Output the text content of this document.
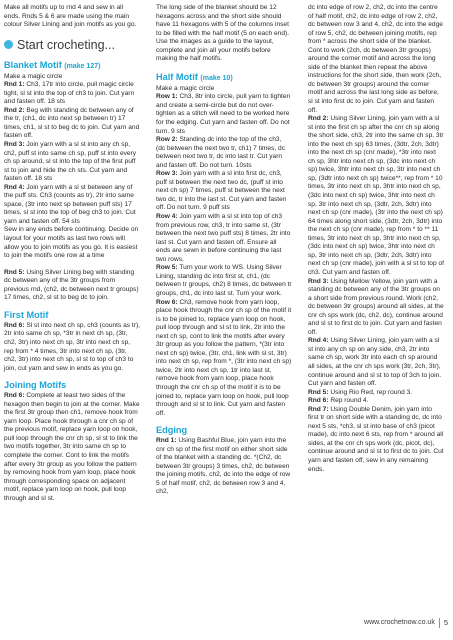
Make all motifs up to rnd 4 and sew in all ends. Rnds 5 & 6 are made using the main colour Silver Lining and join motifs as you go.

Start crocheting...
Blanket Motif (make 127)

Make a magic circle

Rnd 1: Ch3, 17tr into circle, pull magic circle tight, sl st into the top of ch3 to join. Cut yarn and fasten off. 18 sts

Rnd 2: Beg with standing dc between any of the tr, (ch1, dc into next sp between tr) 17 times, ch1, sl st to beg dc to join. Cut yarn and fasten off.

Rnd 3: Join yarn with a sl st into any ch sp, ch2, puff st into same ch sp, puff st into every ch sp around, sl st into the top of the first puff st to join and hide the ch sts. Cut yarn and fasten off. 18 sts

Rnd 4: Join yarn with a sl st between any of the puff sts. Ch3 (counts as tr), 2tr into same space, (3tr into next sp between puff sts) 17 times, sl st into the top of beg ch3 to join. Cut yarn and fasten off. 54 sts

Sew in any ends before continuing. Decide on layout for your motifs as last two rows will allow you to join motifs as you go. It is easiest to join the motifs one row at a time

Rnd 5: Using Silver Lining beg with standing dc between any of the 3tr groups from previous rnd, (ch2, dc between next tr groups) 17 times, ch2, sl st to beg dc to join.

First Motif

Rnd 6: Sl st into next ch sp, ch3 (counts as tr), 2tr into same ch sp, *3tr in next ch sp, (3tr, ch2, 3tr) into next ch sp, 3tr into next ch sp, rep from * 4 times, 3tr into next ch sp, (3tr, ch2, 3tr) into next ch sp, sl st to top of ch3 to join, cut yarn and sew in ends as you go.

Joining Motifs

Rnd 6: Complete at least two sides of the hexagon then begin to join at the corner. Make the first 3tr group then ch1, remove hook from yarn loop. Place hook through a cnr ch sp of the previous motif, replace yarn loop on hook, pull loop through the cnr ch sp, sl st to link the two motifs together, 3tr into same ch sp to complete the corner. Cont to link the motifs after every 3tr group as you follow the pattern by removing hook from yarn loop, place hook through corresponding space on adjacent motif, replace yarn loop on hook, pull loop through and sl st.

The long side of the blanket should be 12 hexagons across and the short side should have 11 hexagons with 5 of the columns inset to be filled with the half motif (5 on each end). Use the images as a guide to the layout, complete and join all your motifs before making the half motifs.

Half Motif (make 10)

Make a magic circle

Row 1: Ch3, 8tr into circle, pull yarn to tighten and create a semi-circle but do not over-tighten as a stitch will need to be worked here for the edging. Cut yarn and fasten off. Do not turn. 9 sts

Row 2: Standing dc into the top of the ch3, (dc between the next two tr, ch1) 7 times, dc between next two tr, dc into last tr. Cut yarn and fasten off. Do not turn. 10sts

Row 3: Join yarn with a sl into first dc, ch3, puff st between the next two dc, (puff st into next ch sp) 7 times, puff st between the next two dc, tr into the last st. Cut yarn and fasten off. Do not turn. 9 puff sts

Row 4: Join yarn with a sl st into top of ch3 from previous row, ch3, tr into same st, (3tr between the next two puff sts) 8 times, 2tr into last st. Cut yarn and fasten off. Ensure all ends are sewn in before continuing the last two rows.

Row 5: Turn your work to WS. Using Silver Lining, standing dc into first st, ch1, (dc between tr groups, ch2) 8 times, dc between tr groups, ch1, dc into last st. Turn your work.

Row 6: Ch3, remove hook from yarn loop, place hook through the cnr ch sp of the motif it is to be joined to, replace yarn loop on hook, pull loop through and sl st to link, 2tr into the next ch sp, cont to link the motifs after every 3tr group as you follow the pattern, *(3tr into next ch sp) twice, (3tr, ch1, link with sl st, 3tr) into next ch sp, rep from *, (3tr into next ch sp) twice, 2tr into next ch sp, 1tr into last st, remove hook from yarn loop, place hook through the cnr ch sp of the motif it is to be joined to, replace yarn loop on hook, pull loop through and sl st to link. Cut yarn and fasten off.

Edging

Rnd 1: Using Bashful Blue, join yarn into the cnr ch sp of the first motif on either short side of the blanket with a standing dc. *(Ch2, dc between 3tr groups) 3 times, ch2, dc between the joining motifs, ch2, dc into the edge of row 5 of half motif, ch2, dc between row 3 and 4, ch2,

dc into edge of row 2, ch2, dc into the centre of half motif, ch2, dc into edge of row 2, ch2, dc between row 3 and 4, ch2, dc into the edge of row 5, ch2, dc between joining motifs, rep from * across the short side of the blanket. Cont to work (2ch, dc between 3tr groups) around the corner motif and across the long side of the blanket then repeat the above instructions for the short side, then work (2ch, dc between 3tr groups) around the corner motif and across the last long side as before, sl st into first dc to join. Cut yarn and fasten off.

Rnd 2: Using Silver Lining, join yarn with a sl st into the first ch sp after the cnr ch sp along the short side, ch3, 2tr into the same ch sp, 3tr into the next ch sp) 63 times, (3dtr, 2ch, 3dtr) into the next ch sp (cnr made), *3tr into next ch sp, 3htr into next ch sp, (3dc into next ch sp) twice, 3htr into next ch sp, 3tr into next ch sp, (3dtr into next ch sp) twice**, rep from * 10 times, 3tr into next ch sp, 3htr into next ch sp, (3dc into next ch sp) twice, 3htr into next ch sp, 3tr into next ch sp, (3dtr, 2ch, 3dtr) into next ch sp (cnr made), (3tr into the next ch sp) 64 times along short side, (3dtr, 2ch, 3dtr) into the next ch sp (cnr made), rep from * to ** 11 times, 3tr into next ch sp, 3htr into next ch sp, (3dc into next ch sp) twice, 3htr into next ch sp, 3tr into next ch sp, (3dtr, 2ch, 3dtr) into next ch sp (cnr made), join with a sl st to top of ch3. Cut yarn and fasten off.

Rnd 3: Using Mellow Yellow, join yarn with a standing dc between any of the 3tr groups on a short side from previous round. Work (ch2, dc between 3tr groups) around all sides, at the cnr ch sps work (dc, ch2, dc), continue around and sl st to first dc to join. Cut yarn and fasten off.

Rnd 4: Using Silver Lining, join yarn with a sl st into any ch sp on any side, ch3, 2tr into same ch sp, work 3tr into each ch sp around all sides, at the cnr ch sps work (3tr, 2ch, 3tr), continue around and sl st to top of 3ch to join. Cut yarn and fasten off.

Rnd 5: Using Rio Red, rep round 3.

Rnd 6: Rep round 4.

Rnd 7: Using Double Denim, join yarn into first tr on short side with a standing dc, dc into next 5 sts, *ch3, sl st into base of ch3 (picot made), dc into next 6 sts, rep from * around all sides, at the cnr ch sps work (dc, picot, dc), continue around and sl st to first dc to join. Cut yarn and fasten off, sew in any remaining ends.

www.crochetnow.co.uk 5
